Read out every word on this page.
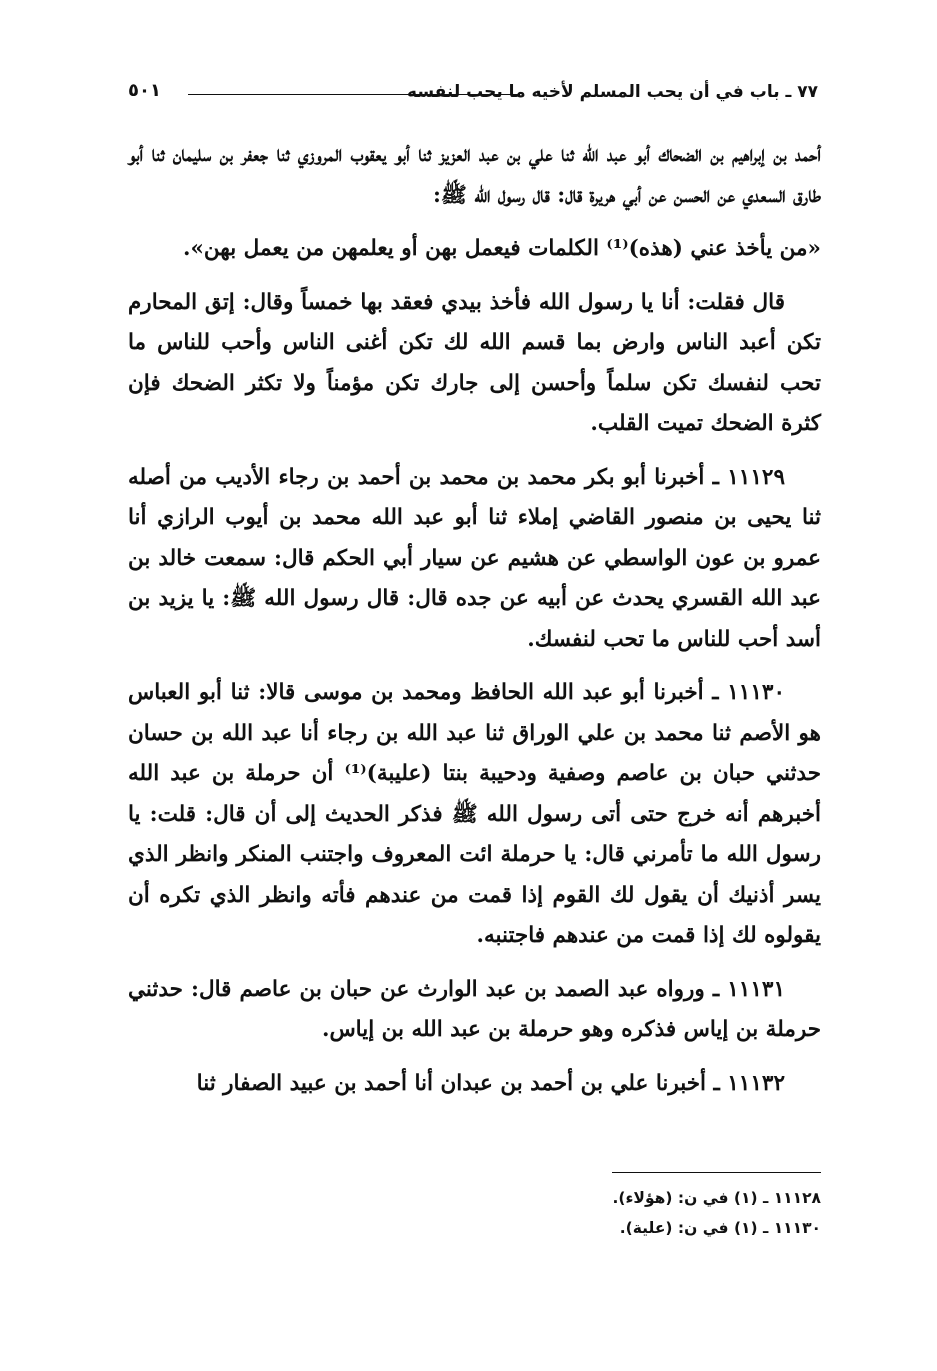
٧٧ ـ باب في أن يحب المسلم لأخيه ما يحب لنفسه
٥٠١

أحمد بن إبراهيم بن الضحاك أبو عبد الله ثنا علي بن عبد العزيز ثنا أبو يعقوب المروزي ثنا جعفر بن سليمان ثنا أبو طارق السعدي عن الحسن عن أبي هريرة قال: قال رسول الله ﷺ:

«من يأخذ عني (هذه)⁽¹⁾ الكلمات فيعمل بهن أو يعلمهن من يعمل بهن».

قال فقلت: أنا يا رسول الله فأخذ بيدي فعقد بها خمساً وقال: إتق المحارم تكن أعبد الناس وارض بما قسم الله لك تكن أغنى الناس وأحب للناس ما تحب لنفسك تكن سلماً وأحسن إلى جارك تكن مؤمناً ولا تكثر الضحك فإن كثرة الضحك تميت القلب.

١١١٢٩ ـ أخبرنا أبو بكر محمد بن محمد بن أحمد بن رجاء الأديب من أصله ثنا يحيى بن منصور القاضي إملاء ثنا أبو عبد الله محمد بن أيوب الرازي أنا عمرو بن عون الواسطي عن هشيم عن سيار أبي الحكم قال: سمعت خالد بن عبد الله القسري يحدث عن أبيه عن جده قال: قال رسول الله ﷺ: يا يزيد بن أسد أحب للناس ما تحب لنفسك.

١١١٣٠ ـ أخبرنا أبو عبد الله الحافظ ومحمد بن موسى قالا: ثنا أبو العباس هو الأصم ثنا محمد بن علي الوراق ثنا عبد الله بن رجاء أنا عبد الله بن حسان حدثني حبان بن عاصم وصفية ودحيبة بنتا (عليبة)⁽¹⁾ أن حرملة بن عبد الله أخبرهم أنه خرج حتى أتى رسول الله ﷺ فذكر الحديث إلى أن قال: قلت: يا رسول الله ما تأمرني قال: يا حرملة ائت المعروف واجتنب المنكر وانظر الذي يسر أذنيك أن يقول لك القوم إذا قمت من عندهم فأته وانظر الذي تكره أن يقولوه لك إذا قمت من عندهم فاجتنبه.

١١١٣١ ـ ورواه عبد الصمد بن عبد الوارث عن حبان بن عاصم قال: حدثني حرملة بن إياس فذكره وهو حرملة بن عبد الله بن إياس.

١١١٣٢ ـ أخبرنا علي بن أحمد بن عبدان أنا أحمد بن عبيد الصفار ثنا

١١١٢٨ ـ (١) في ن: (هؤلاء).
١١١٣٠ ـ (١) في ن: (علية).
